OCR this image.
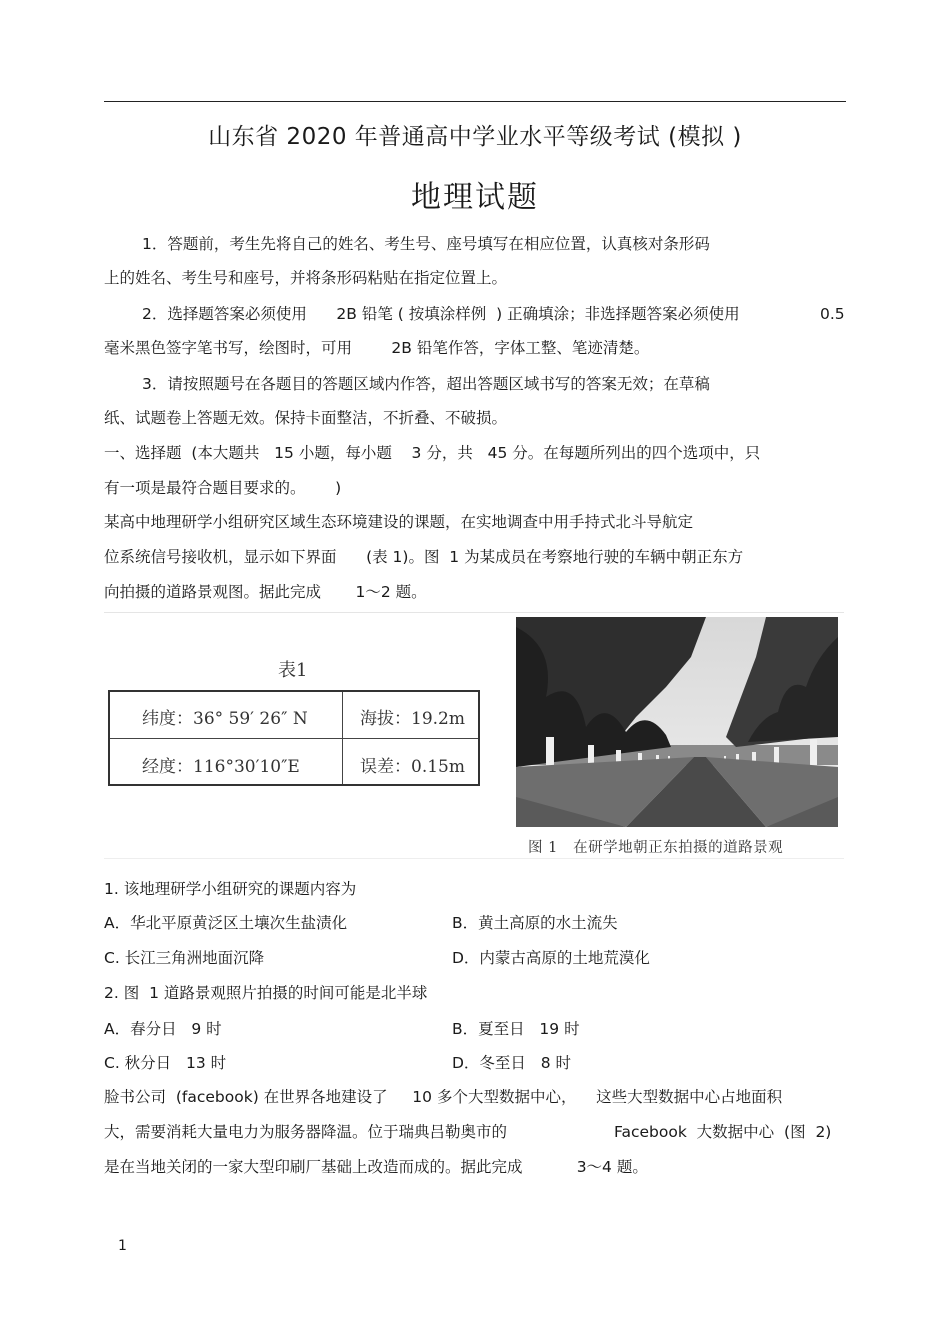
山东省 2020 年普通高中学业水平等级考试 (模拟 )
地理试题
1．答题前，考生先将自己的姓名、考生号、座号填写在相应位置，认真核对条形码
上的姓名、考生号和座号，并将条形码粘贴在指定位置上。
2．选择题答案必须使用      2B 铅笔 ( 按填涂样例  ) 正确填涂；非选择题答案必须使用	0.5
毫米黑色签字笔书写，绘图时，可用        2B 铅笔作答，字体工整、笔迹清楚。
3．请按照题号在各题目的答题区域内作答，超出答题区域书写的答案无效；在草稿
纸、试题卷上答题无效。保持卡面整洁，不折叠、不破损。
一、选择题  (本大题共   15 小题，每小题    3 分，共   45 分。在每题所列出的四个选项中，只
有一项是最符合题目要求的。      )
某高中地理研学小组研究区域生态环境建设的课题，在实地调查中用手持式北斗导航定
位系统信号接收机，显示如下界面      (表 1)。图  1 为某成员在考察地行驶的车辆中朝正东方
向拍摄的道路景观图。据此完成       1～2 题。
表1
纬度：36° 59′ 26″ N	海拔：19.2m
经度：116°30′10″E	误差：0.15m
图 1   在研学地朝正东拍摄的道路景观
1. 该地理研学小组研究的课题内容为
A．华北平原黄泛区土壤次生盐渍化	B．黄土高原的水土流失
C. 长江三角洲地面沉降	D．内蒙古高原的土地荒漠化
2. 图  1 道路景观照片拍摄的时间可能是北半球
A．春分日   9 时	B．夏至日   19 时
C. 秋分日   13 时	D．冬至日   8 时
脸书公司  (facebook) 在世界各地建设了     10 多个大型数据中心，    这些大型数据中心占地面积
大，需要消耗大量电力为服务器降温。位于瑞典吕勒奥市的	Facebook  大数据中心  (图  2)
是在当地关闭的一家大型印刷厂基础上改造而成的。据此完成           3～4 题。
1
